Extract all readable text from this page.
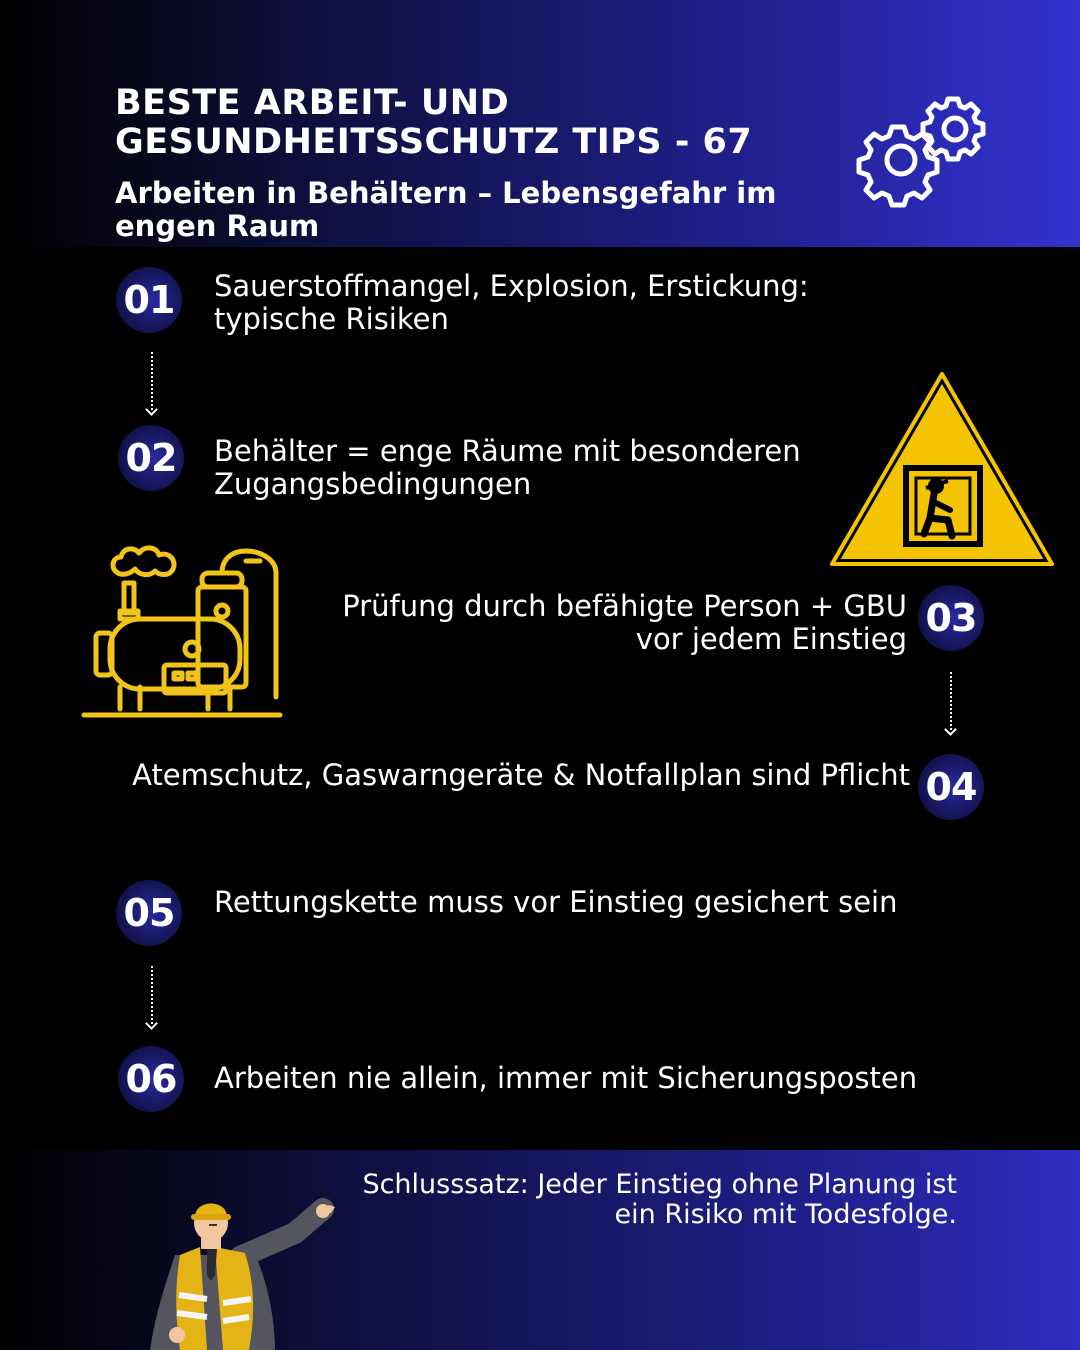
BESTE ARBEIT- UND GESUNDHEITSSCHUTZ TIPS - 67
Arbeiten in Behältern – Lebensgefahr im engen Raum
01 Sauerstoffmangel, Explosion, Erstickung: typische Risiken

02 Behälter = enge Räume mit besonderen Zugangsbedingungen

Prüfung durch befähigte Person + GBU vor jedem Einstieg 03

Atemschutz, Gaswarngeräte & Notfallplan sind Pflicht 04
05 Rettungskette muss vor Einstieg gesichert sein

06 Arbeiten nie allein, immer mit Sicherungsposten

Schlusssatz: Jeder Einstieg ohne Planung ist ein Risiko mit Todesfolge.
